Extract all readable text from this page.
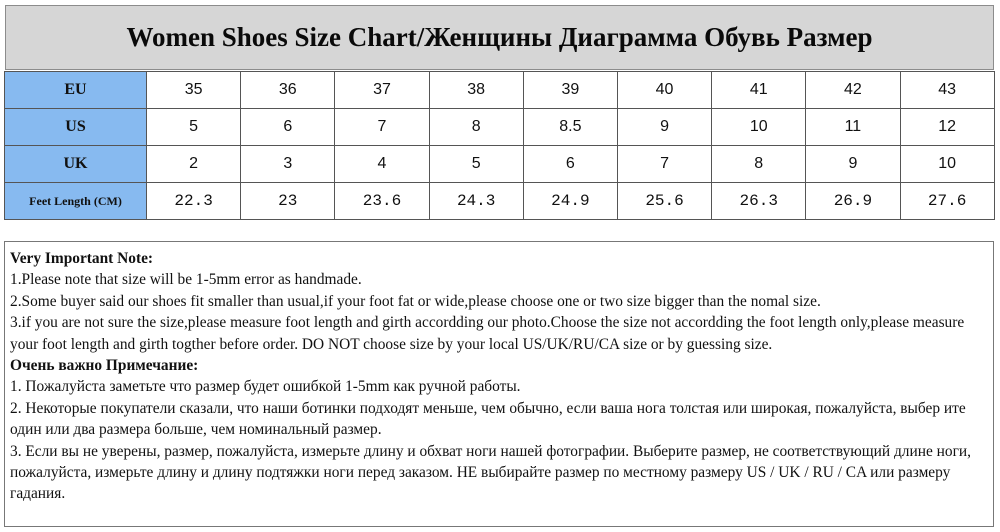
Women Shoes Size Chart/Женщины Диаграмма Обувь Размер
EU	35	36	37	38	39	40	41	42	43
US	5	6	7	8	8.5	9	10	11	12
UK	2	3	4	5	6	7	8	9	10
Feet Length (CM)	22.3	23	23.6	24.3	24.9	25.6	26.3	26.9	27.6

Very Important Note:

1.Please note that size will be 1-5mm error as handmade.

2.Some buyer said our shoes fit smaller than usual,if your foot fat or wide,please choose one or two size bigger than the nomal size.

3.if you are not sure the size,please measure foot length and girth accordding our photo.Choose the size not accordding the foot length only,please measure your foot length and girth togther before order. DO NOT choose size by your local US/UK/RU/CA size or by guessing size.

Очень важно Примечание:

1. Пожалуйста заметьте что размер будет ошибкой 1-5mm как ручной работы.

2. Некоторые покупатели сказали, что наши ботинки подходят меньше, чем обычно, если ваша нога толстая или широкая, пожалуйста, выбер ите один или два размера больше, чем номинальный размер.

3. Если вы не уверены, размер, пожалуйста, измерьте длину и обхват ноги нашей фотографии. Выберите размер, не соответствующий длине ноги, пожалуйста, измерьте длину и длину подтяжки ноги перед заказом. НЕ выбирайте размер по местному размеру US / UK / RU / CA или размеру гадания.
